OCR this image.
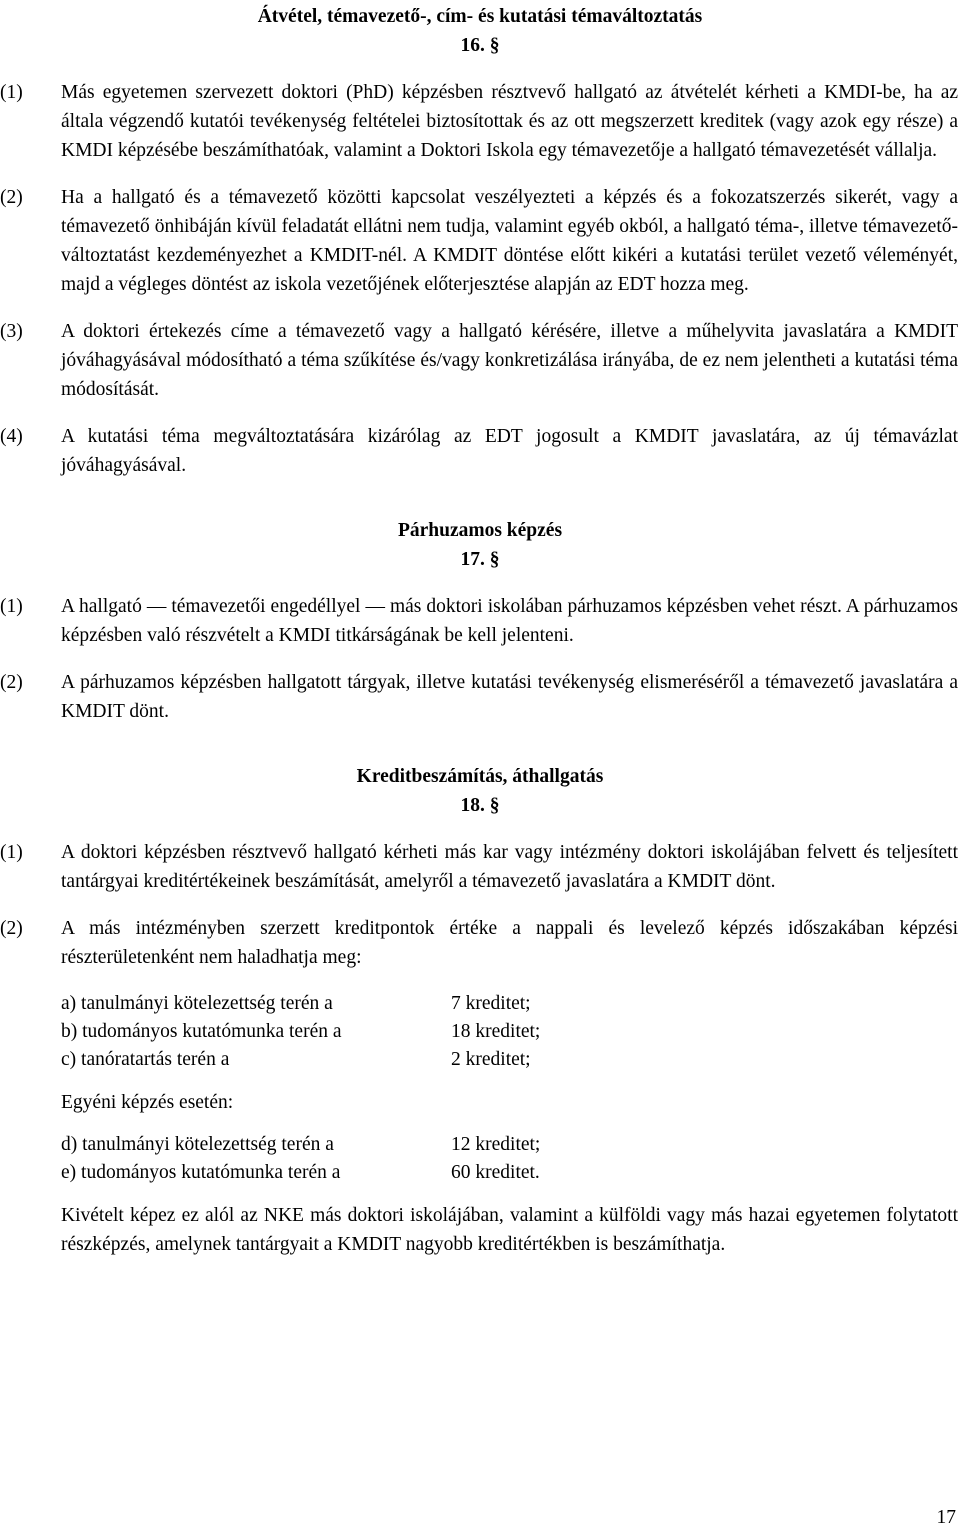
Átvétel, témavezető-, cím- és kutatási témaváltoztatás
16. §
(1) Más egyetemen szervezett doktori (PhD) képzésben résztvevő hallgató az átvételét kérheti a KMDI-be, ha az általa végzendő kutatói tevékenység feltételei biztosítottak és az ott megszerzett kreditek (vagy azok egy része) a KMDI képzésébe beszámíthatóak, valamint a Doktori Iskola egy témavezetője a hallgató témavezetését vállalja.
(2) Ha a hallgató és a témavezető közötti kapcsolat veszélyezteti a képzés és a fokozatszerzés sikerét, vagy a témavezető önhibáján kívül feladatát ellátni nem tudja, valamint egyéb okból, a hallgató téma-, illetve témavezető-változtatást kezdeményezhet a KMDIT-nél. A KMDIT döntése előtt kikéri a kutatási terület vezető véleményét, majd a végleges döntést az iskola vezetőjének előterjesztése alapján az EDT hozza meg.
(3) A doktori értekezés címe a témavezető vagy a hallgató kérésére, illetve a műhelyvita javaslatára a KMDIT jóváhagyásával módosítható a téma szűkítése és/vagy konkretizálása irányába, de ez nem jelentheti a kutatási téma módosítását.
(4) A kutatási téma megváltoztatására kizárólag az EDT jogosult a KMDIT javaslatára, az új témavázlat jóváhagyásával.
Párhuzamos képzés
17. §
(1) A hallgató — témavezetői engedéllyel — más doktori iskolában párhuzamos képzésben vehet részt. A párhuzamos képzésben való részvételt a KMDI titkárságának be kell jelenteni.
(2) A párhuzamos képzésben hallgatott tárgyak, illetve kutatási tevékenység elismeréséről a témavezető javaslatára a KMDIT dönt.
Kreditbeszámítás, áthallgatás
18. §
(1) A doktori képzésben résztvevő hallgató kérheti más kar vagy intézmény doktori iskolájában felvett és teljesített tantárgyai kreditértékeinek beszámítását, amelyről a témavezető javaslatára a KMDIT dönt.
(2) A más intézményben szerzett kreditpontok értéke a nappali és levelező képzés időszakában képzési részterületenként nem haladhatja meg:
a) tanulmányi kötelezettség terén a	7 kreditet;
b) tudományos kutatómunka terén a	18 kreditet;
c) tanóratartás terén a	2 kreditet;
Egyéni képzés esetén:
d) tanulmányi kötelezettség terén a	12 kreditet;
e) tudományos kutatómunka terén a	60 kreditet.
Kivételt képez ez alól az NKE más doktori iskolájában, valamint a külföldi vagy más hazai egyetemen folytatott részképzés, amelynek tantárgyait a KMDIT nagyobb kreditértékben is beszámíthatja.
17
